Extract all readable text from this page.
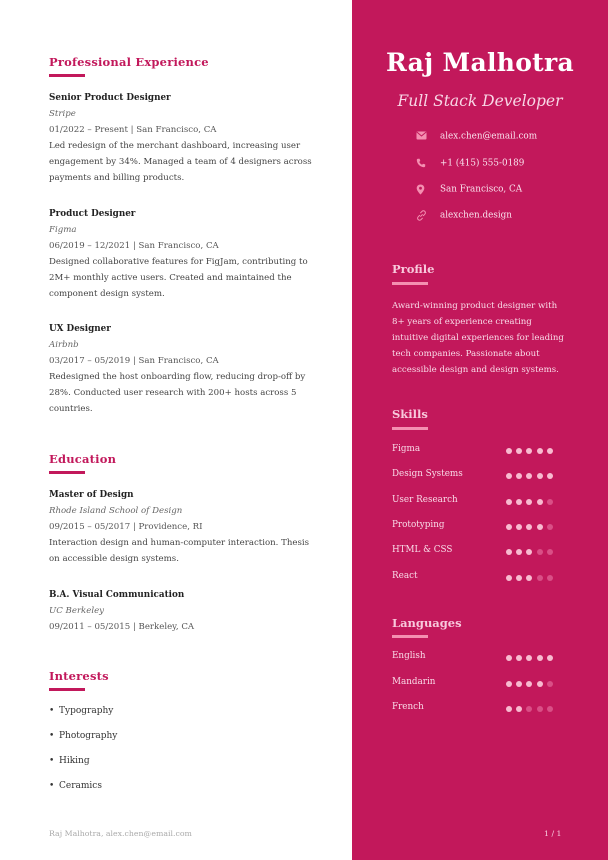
Professional Experience
Senior Product Designer
Stripe
01/2022 – Present | San Francisco, CA
Led redesign of the merchant dashboard, increasing user engagement by 34%. Managed a team of 4 designers across payments and billing products.
Product Designer
Figma
06/2019 – 12/2021 | San Francisco, CA
Designed collaborative features for FigJam, contributing to 2M+ monthly active users. Created and maintained the component design system.
UX Designer
Airbnb
03/2017 – 05/2019 | San Francisco, CA
Redesigned the host onboarding flow, reducing drop-off by 28%. Conducted user research with 200+ hosts across 5 countries.
Education
Master of Design
Rhode Island School of Design
09/2015 – 05/2017 | Providence, RI
Interaction design and human-computer interaction. Thesis on accessible design systems.
B.A. Visual Communication
UC Berkeley
09/2011 – 05/2015 | Berkeley, CA
Interests
• Typography
• Photography
• Hiking
• Ceramics
Raj Malhotra, alex.chen@email.com
Raj Malhotra
Full Stack Developer
alex.chen@email.com
+1 (415) 555-0189
San Francisco, CA
alexchen.design
Profile
Award-winning product designer with 8+ years of experience creating intuitive digital experiences for leading tech companies. Passionate about accessible design and design systems.
Skills
Figma
Design Systems
User Research
Prototyping
HTML & CSS
React
Languages
English
Mandarin
French
1 / 1
